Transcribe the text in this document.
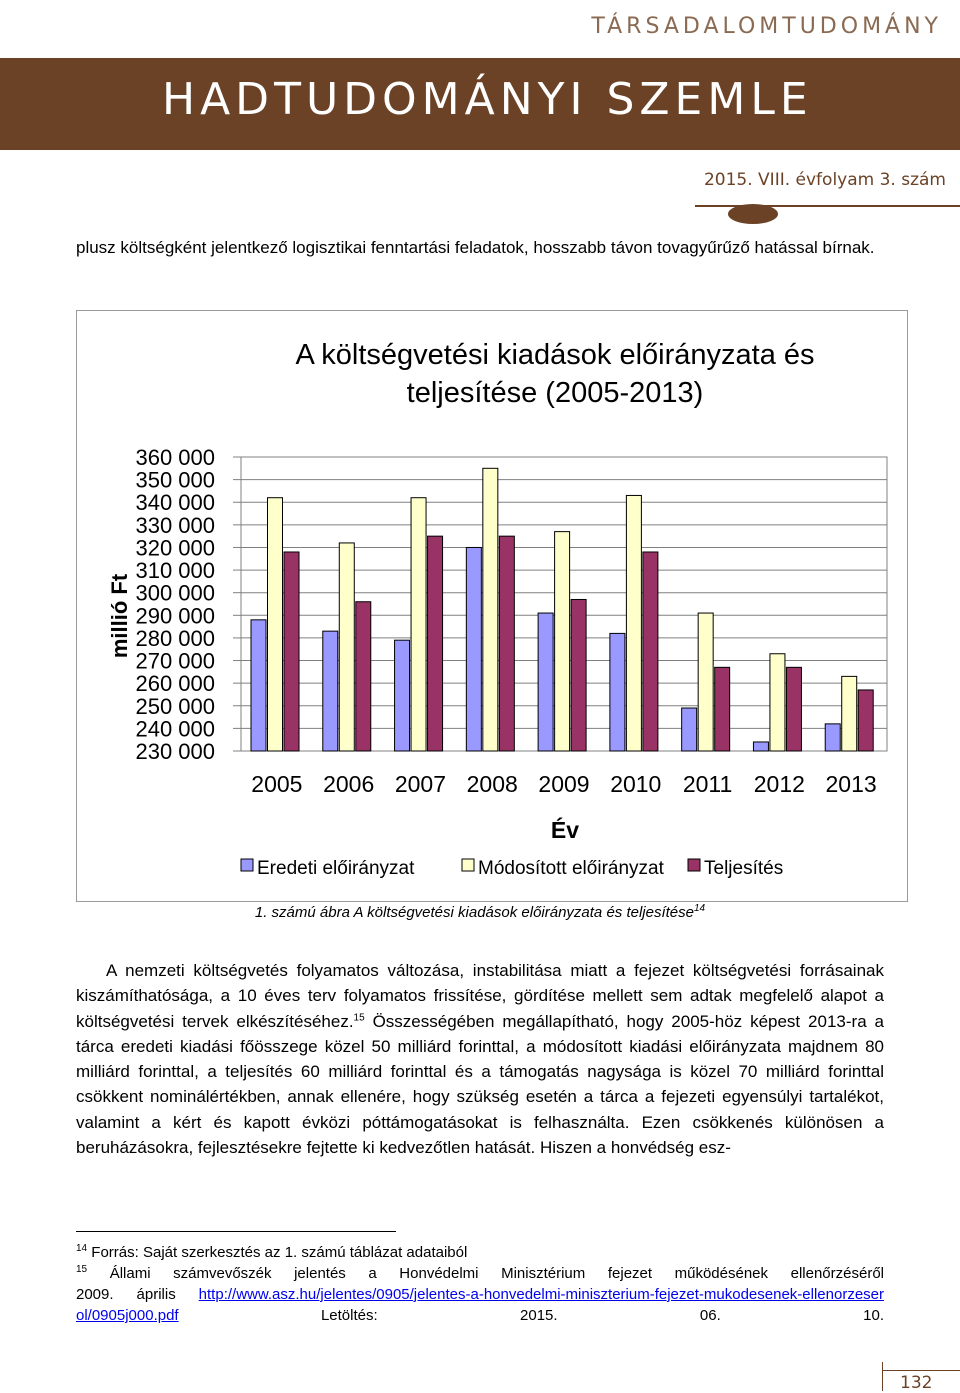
TÁRSADALOMTUDOMÁNY
HADTUDOMÁNYI SZEMLE
2015. VIII. évfolyam 3. szám
plusz költségként jelentkező logisztikai fenntartási feladatok, hosszabb távon tovagyűrűző hatással bírnak.
A költségvetési kiadások előirányzata és
teljesítése (2005-2013)
360 000
350 000
340 000
330 000
320 000
310 000
300 000
290 000
280 000
270 000
260 000
250 000
240 000
230 000
2005 2006 2007 2008 2009 2010 2011 2012 2013
millió Ft
Év
Eredeti előirányzat	Módosított előirányzat Teljesítés
1. számú ábra A költségvetési kiadások előirányzata és teljesítése$^{14}$

A nemzeti költségvetés folyamatos változása, instabilitása miatt a fejezet költségvetési forrásainak kiszámíthatósága, a 10 éves terv folyamatos frissítése, gördítése mellett sem adtak megfelelő alapot a költségvetési tervek elkészítéséhez.$^{15}$ Összességében megállapítható, hogy 2005-höz képest 2013-ra a tárca eredeti kiadási főösszege közel 50 milliárd forinttal, a módosított kiadási előirányzata majdnem 80 milliárd forinttal, a teljesítés 60 milliárd forinttal és a támogatás nagysága is közel 70 milliárd forinttal csökkent nominálértékben, annak ellenére, hogy szükség esetén a tárca a fejezeti egyensúlyi tartalékot, valamint a kért és kapott évközi póttámogatásokat is felhasználta. Ezen csökkenés különösen a beruházásokra, fejlesztésekre fejtette ki kedvezőtlen hatását. Hiszen a honvédség esz-

$^{14}$ Forrás: Saját szerkesztés az 1. számú táblázat adataiból

$^{15}$ Állami számvevőszék jelentés a Honvédelmi Minisztérium fejezet működésének ellenőrzéséről

2009.     április     http://www.asz.hu/jelentes/0905/jelentes-a-honvedelmi-miniszterium-fejezet-mukodesenek-ellenorzeserol/0905j000.pdf Letöltés: 2015. 06. 10.

132
